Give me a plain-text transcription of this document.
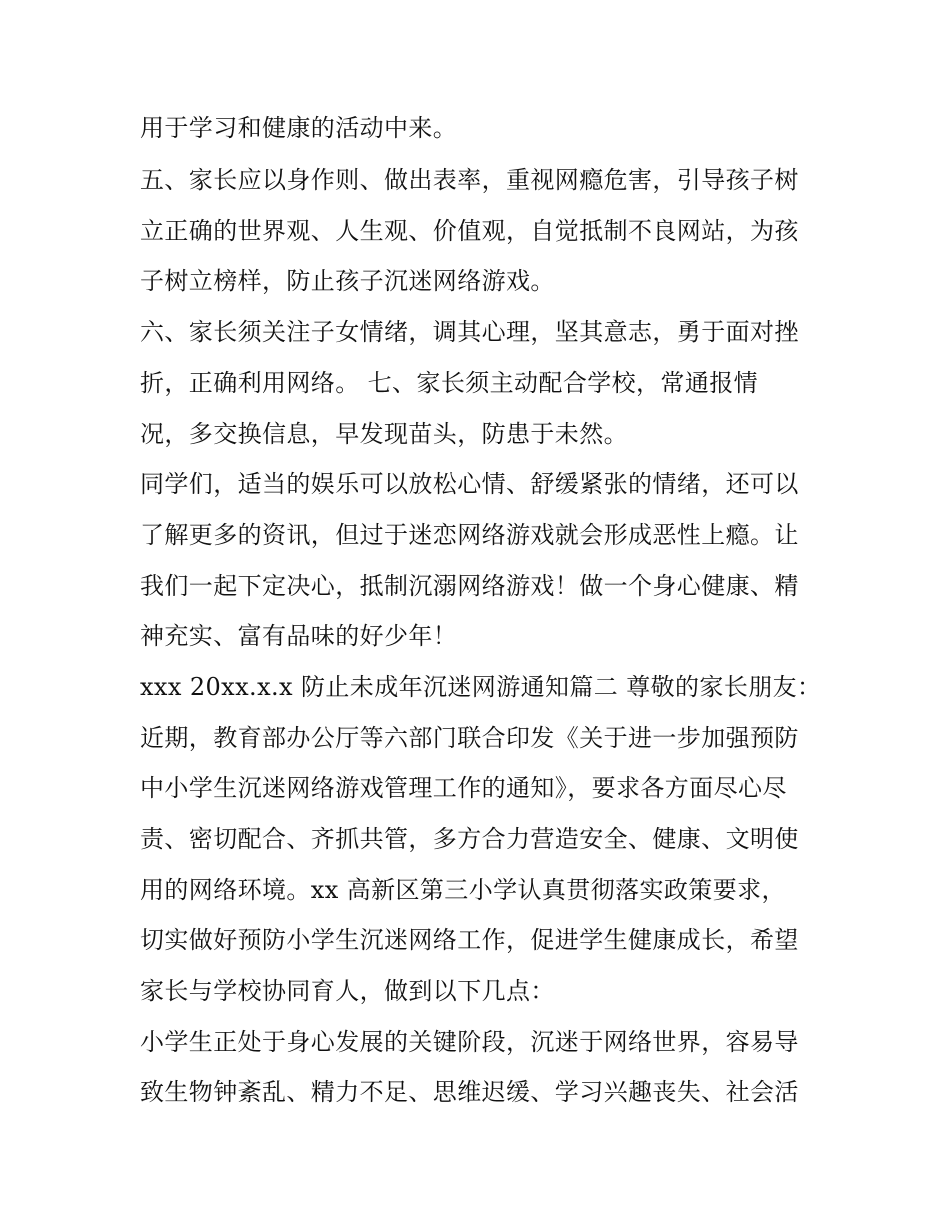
用于学习和健康的活动中来。
五、家长应以身作则、做出表率，重视网瘾危害，引导孩子树
立正确的世界观、人生观、价值观，自觉抵制不良网站，为孩
子树立榜样，防止孩子沉迷网络游戏。
六、家长须关注子女情绪，调其心理，坚其意志，勇于面对挫
折，正确利用网络。 七、家长须主动配合学校，常通报情
况，多交换信息，早发现苗头，防患于未然。
同学们，适当的娱乐可以放松心情、舒缓紧张的情绪，还可以
了解更多的资讯，但过于迷恋网络游戏就会形成恶性上瘾。让
我们一起下定决心，抵制沉溺网络游戏！做一个身心健康、精
神充实、富有品味的好少年！
xxx 20xx.x.x 防止未成年沉迷网游通知篇二 尊敬的家长朋友：
近期，教育部办公厅等六部门联合印发《关于进一步加强预防
中小学生沉迷网络游戏管理工作的通知》，要求各方面尽心尽
责、密切配合、齐抓共管，多方合力营造安全、健康、文明使
用的网络环境。xx 高新区第三小学认真贯彻落实政策要求，
切实做好预防小学生沉迷网络工作，促进学生健康成长，希望
家长与学校协同育人，做到以下几点：
小学生正处于身心发展的关键阶段，沉迷于网络世界，容易导
致生物钟紊乱、精力不足、思维迟缓、学习兴趣丧失、社会活
